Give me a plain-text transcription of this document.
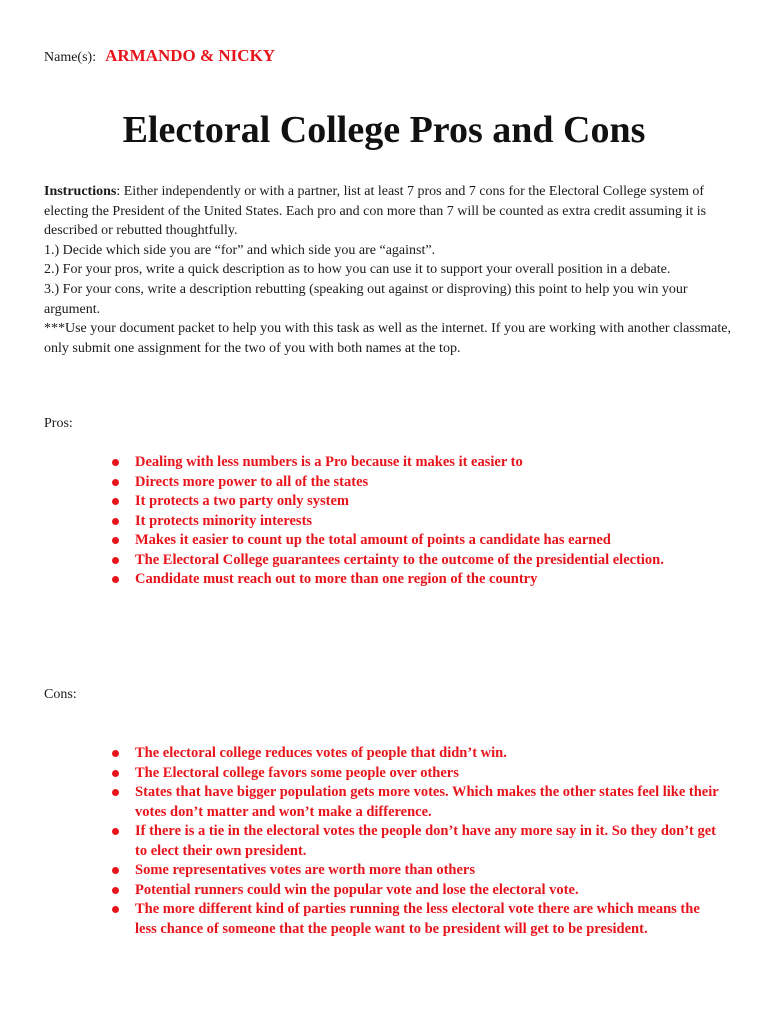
Name(s): ARMANDO & NICKY
Electoral College Pros and Cons

Instructions: Either independently or with a partner, list at least 7 pros and 7 cons for the Electoral College system of electing the President of the United States. Each pro and con more than 7 will be counted as extra credit assuming it is described or rebutted thoughtfully.

1.) Decide which side you are “for” and which side you are “against”.

2.) For your pros, write a quick description as to how you can use it to support your overall position in a debate.

3.) For your cons, write a description rebutting (speaking out against or disproving) this point to help you win your argument.

***Use your document packet to help you with this task as well as the internet. If you are working with another classmate, only submit one assignment for the two of you with both names at the top.

Pros:
Dealing with less numbers is a Pro because it makes it easier to
Directs more power to all of the states
It protects a two party only system
It protects minority interests
Makes it easier to count up the total amount of points a candidate has earned
The Electoral College guarantees certainty to the outcome of the presidential election.
Candidate must reach out to more than one region of the country
Cons:
The electoral college reduces votes of people that didn’t win.
The Electoral college favors some people over others
States that have bigger population gets more votes. Which makes the other states feel like their votes don’t matter and won’t make a difference.
If there is a tie in the electoral votes the people don’t have any more say in it. So they don’t get to elect their own president.
Some representatives votes are worth more than others
Potential runners could win the popular vote and lose the electoral vote.
The more different kind of parties running the less electoral vote there are which means the less chance of someone that the people want to be president will get to be president.
